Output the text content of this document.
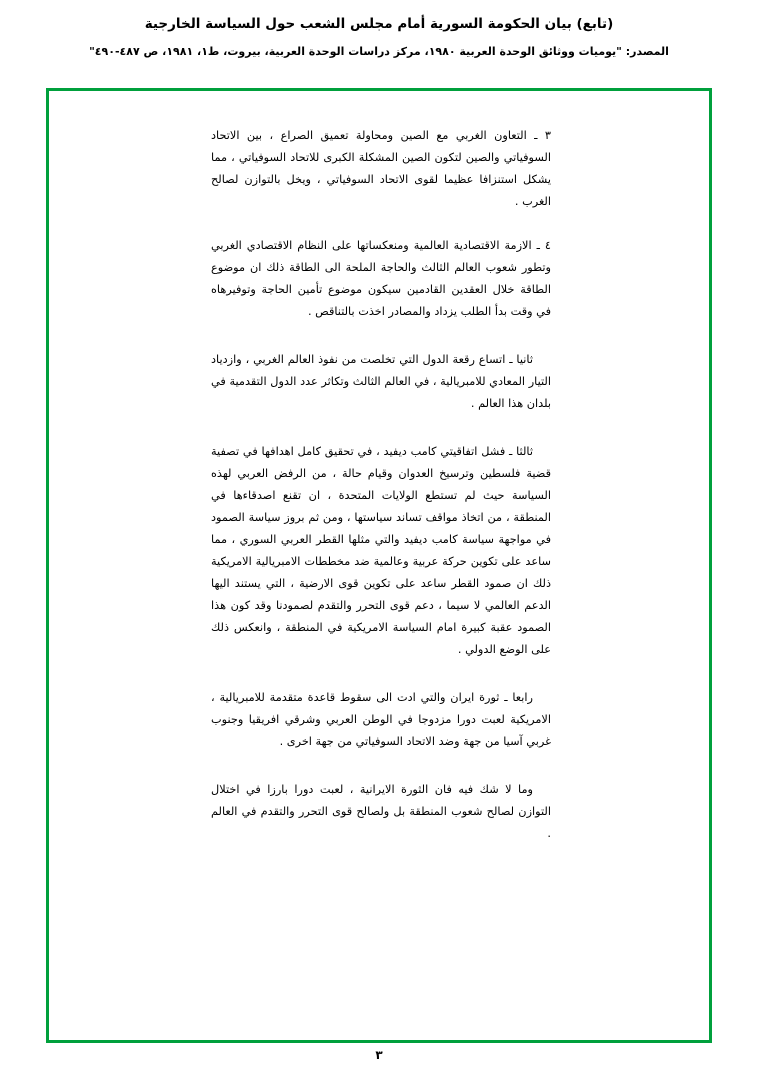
(تابع) بيان الحكومة السورية أمام مجلس الشعب حول السياسة الخارجية
المصدر: "يوميات ووثائق الوحدة العربية ١٩٨٠، مركز دراسات الوحدة العربية، بيروت، ط١، ١٩٨١، ص ٤٨٧-٤٩٠"

٣ ـ التعاون الغربي مع الصين ومحاولة تعميق الصراع ، بين الاتحاد السوفياتي والصين لتكون الصين المشكلة الكبرى للاتحاد السوفياتي ، مما يشكل استنزافا عظيما لقوى الاتحاد السوفياتي ، ويخل بالتوازن لصالح الغرب .

٤ ـ الازمة الاقتصادية العالمية ومنعكساتها على النظام الاقتصادي الغربي وتطور شعوب العالم الثالث والحاجة الملحة الى الطاقة ذلك ان موضوع الطاقة خلال العقدين القادمين سيكون موضوع تأمين الحاجة وتوفيرهاه في وقت بدأ الطلب يزداد والمصادر اخذت بالتناقص .

ثانيا ـ اتساع رقعة الدول التي تخلصت من نفوذ العالم الغربي ، وازدياد التيار المعادي للامبريالية ، في العالم الثالث وتكاثر عدد الدول التقدمية في بلدان هذا العالم .

ثالثا ـ فشل اتفاقيتي كامب ديفيد ، في تحقيق كامل اهدافها في تصفية قضية فلسطين وترسيخ العدوان وقيام حالة ، من الرفض العربي لهذه السياسة حيث لم تستطع الولايات المتحدة ، ان تقنع اصدقاءها في المنطقة ، من اتخاذ مواقف تساند سياستها ، ومن ثم بروز سياسة الصمود في مواجهة سياسة كامب ديفيد والتي مثلها القطر العربي السوري ، مما ساعد على تكوين حركة عربية وعالمية ضد مخططات الامبريالية الامريكية ذلك ان صمود القطر ساعد على تكوين قوى الارضية ، التي يستند اليها الدعم العالمي لا سيما ، دعم قوى التحرر والتقدم لصمودنا وقد كون هذا الصمود عقبة كبيرة امام السياسة الامريكية في المنطقة ، وانعكس ذلك على الوضع الدولي .

رابعا ـ ثورة ايران والتي ادت الى سقوط قاعدة متقدمة للامبريالية ، الامريكية لعبت دورا مزدوجا في الوطن العربي وشرقي افريقيا وجنوب غربي آسيا من جهة وضد الاتحاد السوفياتي من جهة اخرى .

وما لا شك فيه فان الثورة الايرانية ، لعبت دورا بارزا في اختلال التوازن لصالح شعوب المنطقة بل ولصالح قوى التحرر والتقدم في العالم .

٣
